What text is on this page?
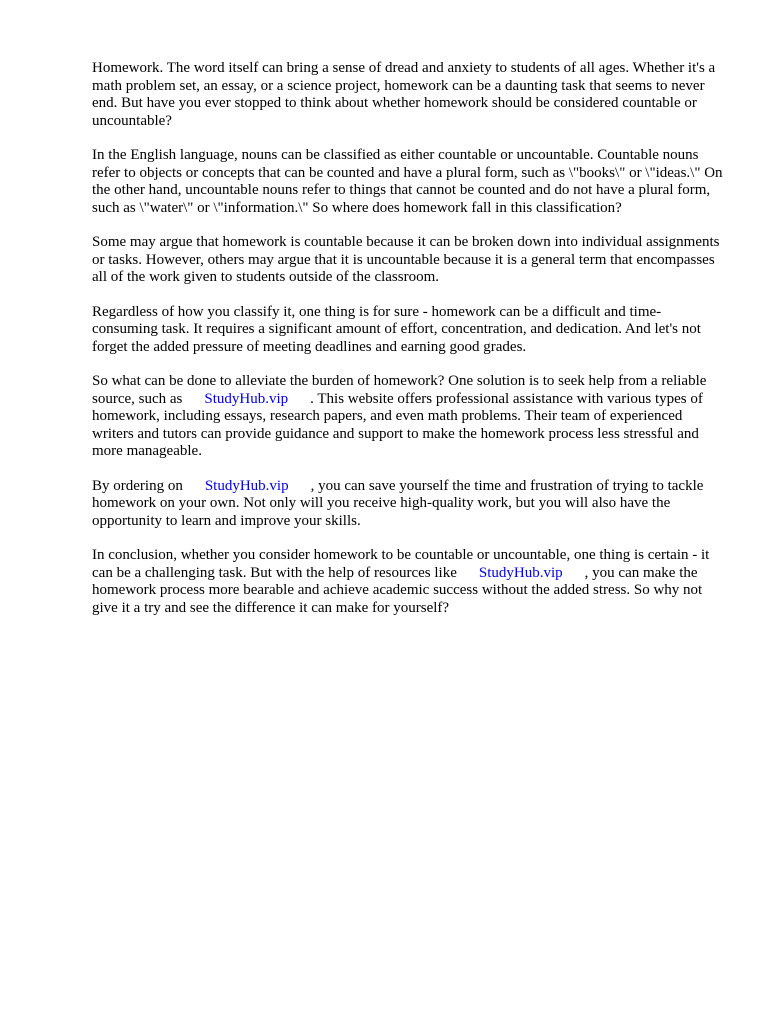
Homework. The word itself can bring a sense of dread and anxiety to students of all ages. Whether it's a math problem set, an essay, or a science project, homework can be a daunting task that seems to never end. But have you ever stopped to think about whether homework should be considered countable or uncountable?

In the English language, nouns can be classified as either countable or uncountable. Countable nouns refer to objects or concepts that can be counted and have a plural form, such as \"books\" or \"ideas.\" On the other hand, uncountable nouns refer to things that cannot be counted and do not have a plural form, such as \"water\" or \"information.\" So where does homework fall in this classification?

Some may argue that homework is countable because it can be broken down into individual assignments or tasks. However, others may argue that it is uncountable because it is a general term that encompasses all of the work given to students outside of the classroom.

Regardless of how you classify it, one thing is for sure - homework can be a difficult and time-consuming task. It requires a significant amount of effort, concentration, and dedication. And let's not forget the added pressure of meeting deadlines and earning good grades.

So what can be done to alleviate the burden of homework? One solution is to seek help from a reliable source, such as StudyHub.vip . This website offers professional assistance with various types of homework, including essays, research papers, and even math problems. Their team of experienced writers and tutors can provide guidance and support to make the homework process less stressful and more manageable.

By ordering on StudyHub.vip , you can save yourself the time and frustration of trying to tackle homework on your own. Not only will you receive high-quality work, but you will also have the opportunity to learn and improve your skills.

In conclusion, whether you consider homework to be countable or uncountable, one thing is certain - it can be a challenging task. But with the help of resources like StudyHub.vip , you can make the homework process more bearable and achieve academic success without the added stress. So why not give it a try and see the difference it can make for yourself?
